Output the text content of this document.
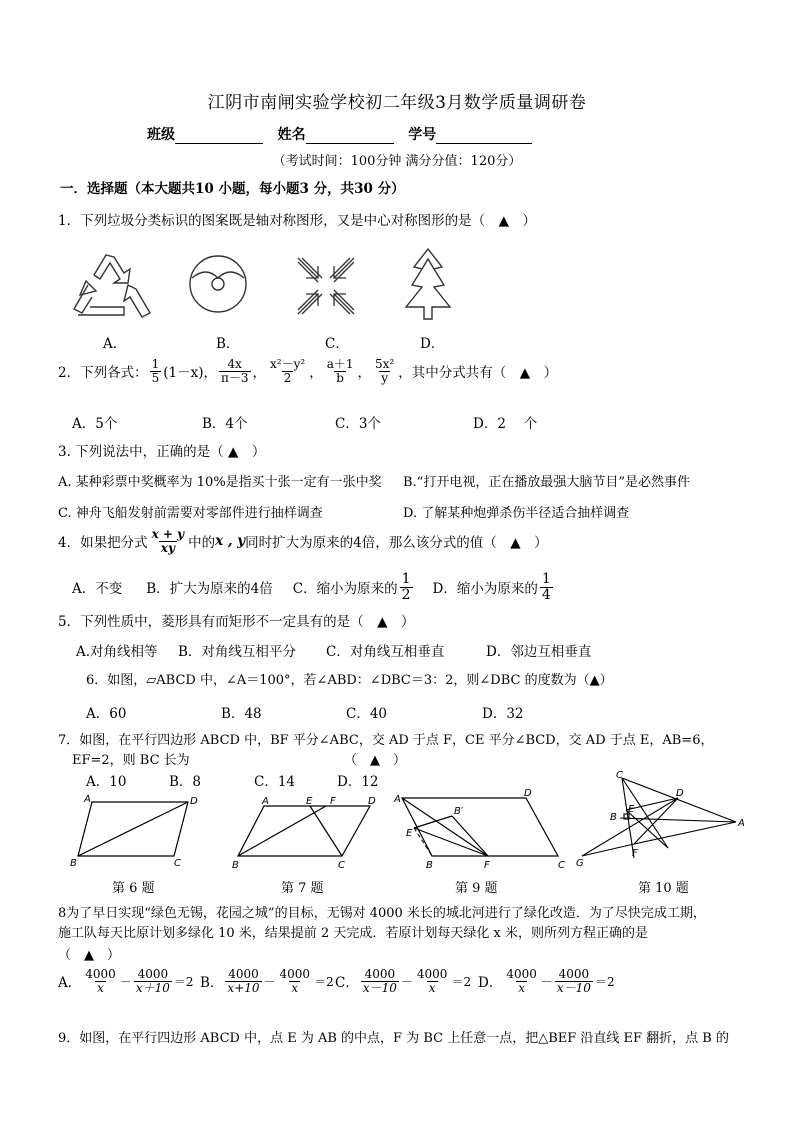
江阴市南闸实验学校初二年级3月数学质量调研卷
班级	姓名	学号
（考试时间：100分钟 满分分值：120分）
一．选择题（本大题共10 小题，每小题3 分，共30 分）
1．下列垃圾分类标识的图案既是轴对称图形，又是中心对称图形的是（　▲　）
A．	B．	C．	D．
2．下列各式： $\frac{1}{5} (1-x)$， $\frac{4x}{\pi-3}$ ， $\frac{\text{x²－y²}}{2}$ ， $\frac{a+1}{b}$ ， $\frac{\text{5x²}}{y}$ ，其中分式共有（　▲　）
A．5个	B．4个	C．3个	D．2　 个
3. 下列说法中，正确的是（ ▲　）
A. 某种彩票中奖概率为 10%是指买十张一定有一张中奖 B.“打开电视，正在播放最强大脑节目”是必然事件
C. 神舟飞船发射前需要对零部件进行抽样调查	D. 了解某种炮弹杀伤半径适合抽样调查
4．如果把分式 $\frac{x + y}{xy}$ 中的 x , y 同时扩大为原来的4倍，那么该分式的值（　▲　）
A．不变 B．扩大为原来的4倍 C．缩小为原来的 $\frac{1}{2}$ D．缩小为原来的 $\frac{1}{4}$
5．下列性质中，菱形具有而矩形不一定具有的是（　▲　）
A.对角线相等 B．对角线互相平分 C．对角线互相垂直	D．邻边互相垂直
6．如图，▱ABCD 中，∠A＝100°，若∠ABD：∠DBC＝3：2，则∠DBC 的度数为（▲）
A．60	B．48	C．40	D．32
7．如图，在平行四边形 ABCD 中，BF 平分∠ABC，交 AD 于点 F，CE 平分∠BCD，交 AD 于点 E，AB=6，
EF=2，则 BC 长为	（　▲　）
A．10	B．8	C．14	D．12
A	D
B	C
A	E F	D
B	C
A
D
B′
E
B	F	C
C
D
E
B
A
F
G
第 6 题	第 7 题	第 9 题	第 10 题
8为了早日实现“绿色无锡，花园之城”的目标，无锡对 4000 米长的城北河进行了绿化改造．为了尽快完成工期，
施工队每天比原计划多绿化 10 米，结果提前 2 天完成．若原计划每天绿化 x 米，则所列方程正确的是
（　▲　）
A． $\frac{4000}{x} - \frac{4000}{x+10} =2$ B． $\frac{4000}{x+10} - \frac{4000}{x} =2$ C． $\frac{4000}{x-10} - \frac{4000}{x} =2$ D． $\frac{4000}{x} - \frac{4000}{x-10} =2$
9．如图，在平行四边形 ABCD 中，点 E 为 AB 的中点，F 为 BC 上任意一点，把△BEF 沿直线 EF 翻折，点 B 的
